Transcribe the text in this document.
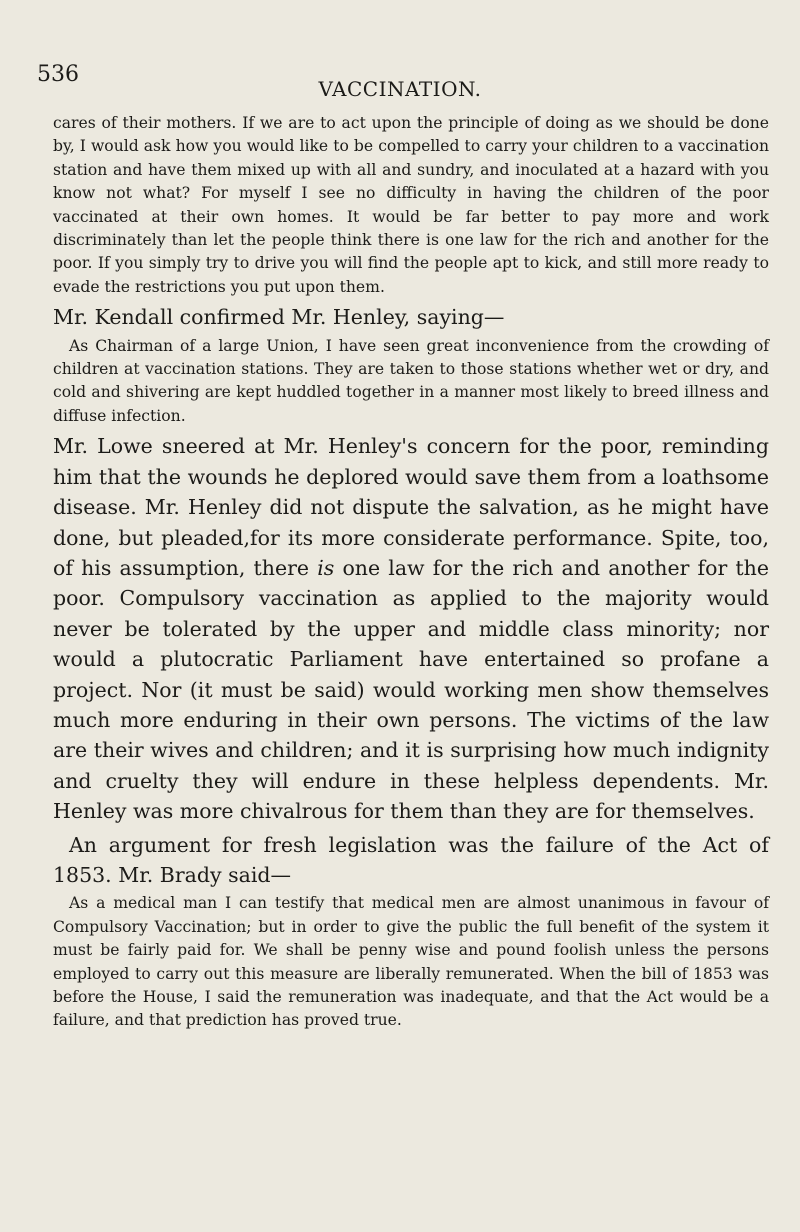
536
VACCINATION.

cares of their mothers. If we are to act upon the principle of doing as we should be done by, I would ask how you would like to be compelled to carry your children to a vaccination station and have them mixed up with all and sundry, and inoculated at a hazard with you know not what? For myself I see no difficulty in having the children of the poor vaccinated at their own homes. It would be far better to pay more and work discriminately than let the people think there is one law for the rich and another for the poor. If you simply try to drive you will find the people apt to kick, and still more ready to evade the restrictions you put upon them.

Mr. Kendall confirmed Mr. Henley, saying—

As Chairman of a large Union, I have seen great inconvenience from the crowding of children at vaccination stations. They are taken to those stations whether wet or dry, and cold and shivering are kept huddled together in a manner most likely to breed illness and diffuse infection.

Mr. Lowe sneered at Mr. Henley's concern for the poor, reminding him that the wounds he deplored would save them from a loathsome disease. Mr. Henley did not dispute the salvation, as he might have done, but pleaded,for its more considerate performance. Spite, too, of his assumption, there is one law for the rich and another for the poor. Compulsory vaccination as applied to the majority would never be tolerated by the upper and middle class minority; nor would a plutocratic Parliament have entertained so profane a project. Nor (it must be said) would working men show themselves much more enduring in their own persons. The victims of the law are their wives and children; and it is surprising how much indignity and cruelty they will endure in these helpless dependents. Mr. Henley was more chivalrous for them than they are for themselves.

An argument for fresh legislation was the failure of the Act of 1853. Mr. Brady said—

As a medical man I can testify that medical men are almost unanimous in favour of Compulsory Vaccination; but in order to give the public the full benefit of the system it must be fairly paid for. We shall be penny wise and pound foolish unless the persons employed to carry out this measure are liberally remunerated. When the bill of 1853 was before the House, I said the remuneration was inadequate, and that the Act would be a failure, and that prediction has proved true.
